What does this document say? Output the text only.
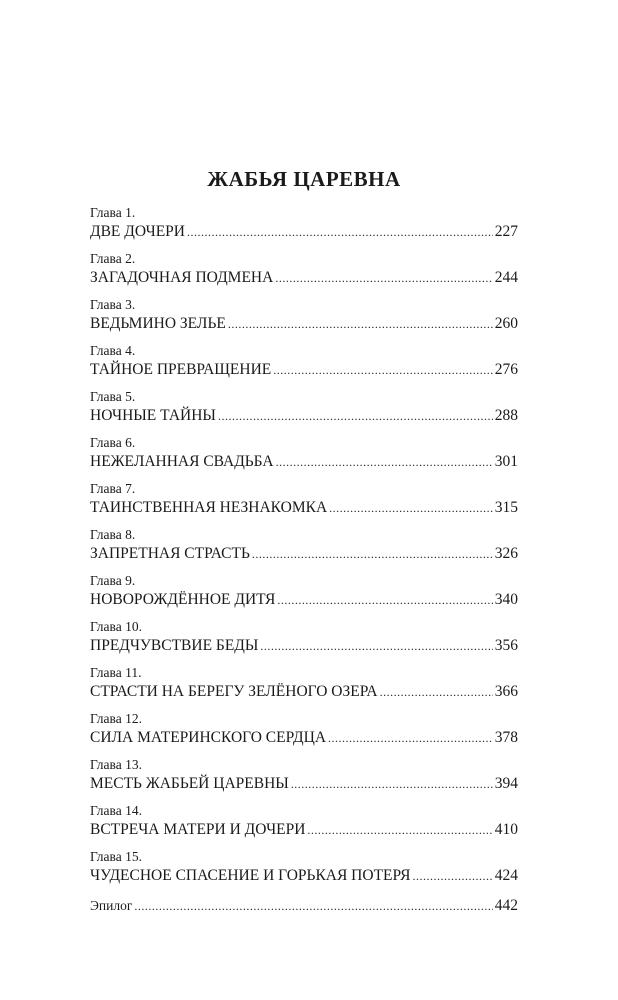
ЖАБЬЯ ЦАРЕВНА
Глава 1.
ДВЕ ДОЧЕРИ .....	227
Глава 2.
ЗАГАДОЧНАЯ ПОДМЕНА .....	244
Глава 3.
ВЕДЬМИНО ЗЕЛЬЕ .....	260
Глава 4.
ТАЙНОЕ ПРЕВРАЩЕНИЕ .....	276
Глава 5.
НОЧНЫЕ ТАЙНЫ .....	288
Глава 6.
НЕЖЕЛАННАЯ СВАДЬБА .....	301
Глава 7.
ТАИНСТВЕННАЯ НЕЗНАКОМКА .....	315
Глава 8.
ЗАПРЕТНАЯ СТРАСТЬ .....	326
Глава 9.
НОВОРОЖДЁННОЕ ДИТЯ .....	340
Глава 10.
ПРЕДЧУВСТВИЕ БЕДЫ .....	356
Глава 11.
СТРАСТИ НА БЕРЕГУ ЗЕЛЁНОГО ОЗЕРА .....	366
Глава 12.
СИЛА МАТЕРИНСКОГО СЕРДЦА .....	378
Глава 13.
МЕСТЬ ЖАБЬЕЙ ЦАРЕВНЫ .....	394
Глава 14.
ВСТРЕЧА МАТЕРИ И ДОЧЕРИ .....	410
Глава 15.
ЧУДЕСНОЕ СПАСЕНИЕ И ГОРЬКАЯ ПОТЕРЯ .....	424
Эпилог .....	442
